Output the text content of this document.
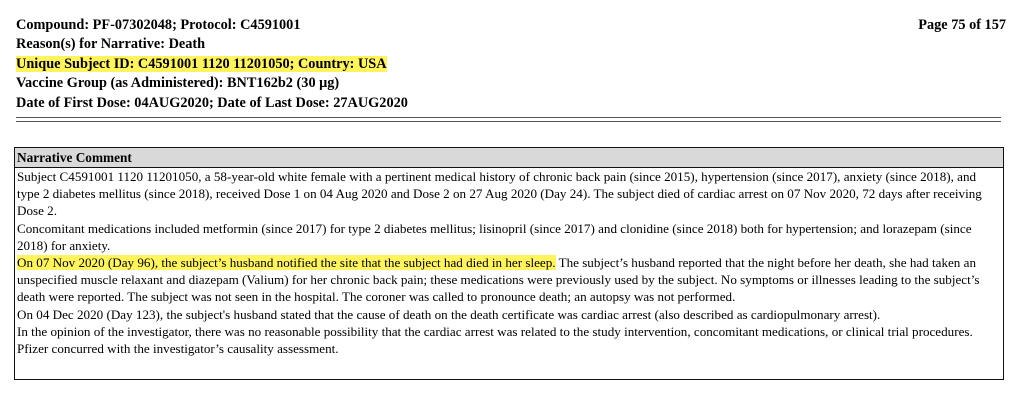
Compound: PF-07302048; Protocol: C4591001
Reason(s) for Narrative: Death
Unique Subject ID: C4591001 1120 11201050; Country: USA
Vaccine Group (as Administered): BNT162b2 (30 μg)
Date of First Dose: 04AUG2020; Date of Last Dose: 27AUG2020
Page 75 of 157
Narrative Comment

Subject C4591001 1120 11201050, a 58-year-old white female with a pertinent medical history of chronic back pain (since 2015), hypertension (since 2017), anxiety (since 2018), and type 2 diabetes mellitus (since 2018), received Dose 1 on 04 Aug 2020 and Dose 2 on 27 Aug 2020 (Day 24). The subject died of cardiac arrest on 07 Nov 2020, 72 days after receiving Dose 2.

Concomitant medications included metformin (since 2017) for type 2 diabetes mellitus; lisinopril (since 2017) and clonidine (since 2018) both for hypertension; and lorazepam (since 2018) for anxiety.

On 07 Nov 2020 (Day 96), the subject’s husband notified the site that the subject had died in her sleep. The subject’s husband reported that the night before her death, she had taken an unspecified muscle relaxant and diazepam (Valium) for her chronic back pain; these medications were previously used by the subject. No symptoms or illnesses leading to the subject’s death were reported. The subject was not seen in the hospital. The coroner was called to pronounce death; an autopsy was not performed.

On 04 Dec 2020 (Day 123), the subject's husband stated that the cause of death on the death certificate was cardiac arrest (also described as cardiopulmonary arrest).

In the opinion of the investigator, there was no reasonable possibility that the cardiac arrest was related to the study intervention, concomitant medications, or clinical trial procedures. Pfizer concurred with the investigator’s causality assessment.
